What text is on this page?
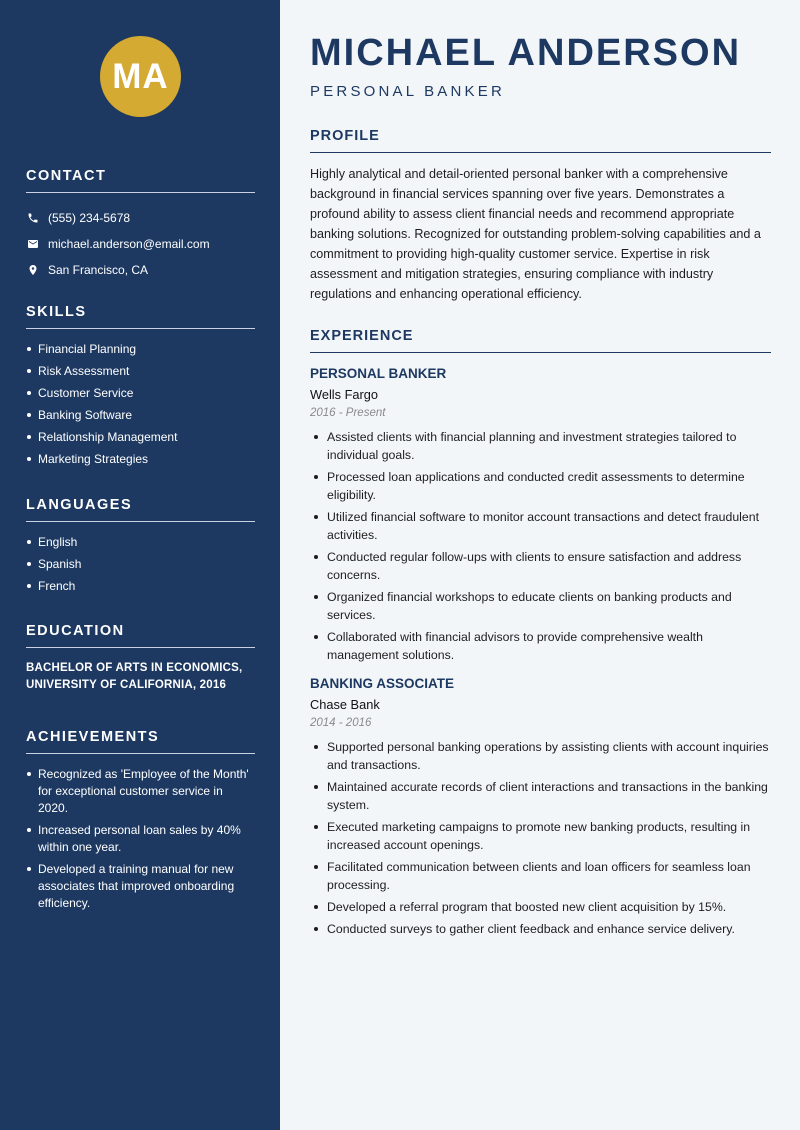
MA
CONTACT
(555) 234-5678
michael.anderson@email.com
San Francisco, CA
SKILLS
Financial Planning
Risk Assessment
Customer Service
Banking Software
Relationship Management
Marketing Strategies
LANGUAGES
English
Spanish
French
EDUCATION
BACHELOR OF ARTS IN ECONOMICS,
UNIVERSITY OF CALIFORNIA, 2016
ACHIEVEMENTS
Recognized as 'Employee of the Month' for exceptional customer service in 2020.
Increased personal loan sales by 40% within one year.
Developed a training manual for new associates that improved onboarding efficiency.
MICHAEL ANDERSON
PERSONAL BANKER
PROFILE
Highly analytical and detail-oriented personal banker with a comprehensive background in financial services spanning over five years. Demonstrates a profound ability to assess client financial needs and recommend appropriate banking solutions. Recognized for outstanding problem-solving capabilities and a commitment to providing high-quality customer service. Expertise in risk assessment and mitigation strategies, ensuring compliance with industry regulations and enhancing operational efficiency.
EXPERIENCE
PERSONAL BANKER
Wells Fargo
2016 - Present
Assisted clients with financial planning and investment strategies tailored to individual goals.
Processed loan applications and conducted credit assessments to determine eligibility.
Utilized financial software to monitor account transactions and detect fraudulent activities.
Conducted regular follow-ups with clients to ensure satisfaction and address concerns.
Organized financial workshops to educate clients on banking products and services.
Collaborated with financial advisors to provide comprehensive wealth management solutions.
BANKING ASSOCIATE
Chase Bank
2014 - 2016
Supported personal banking operations by assisting clients with account inquiries and transactions.
Maintained accurate records of client interactions and transactions in the banking system.
Executed marketing campaigns to promote new banking products, resulting in increased account openings.
Facilitated communication between clients and loan officers for seamless loan processing.
Developed a referral program that boosted new client acquisition by 15%.
Conducted surveys to gather client feedback and enhance service delivery.
